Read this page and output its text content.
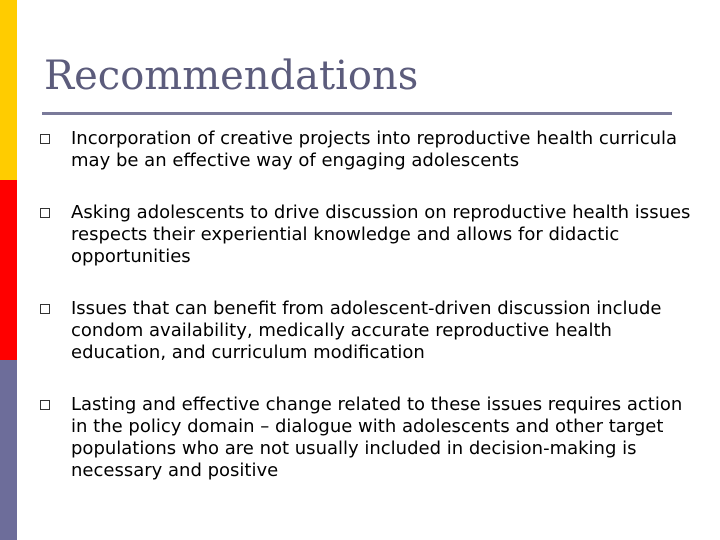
Recommendations
Incorporation of creative projects into reproductive health curricula may be an effective way of engaging adolescents
Asking adolescents to drive discussion on reproductive health issues respects their experiential knowledge and allows for didactic opportunities
Issues that can benefit from adolescent-driven discussion include condom availability, medically accurate reproductive health education, and curriculum modification
Lasting and effective change related to these issues requires action in the policy domain – dialogue with adolescents and other target populations who are not usually included in decision-making is necessary and positive
